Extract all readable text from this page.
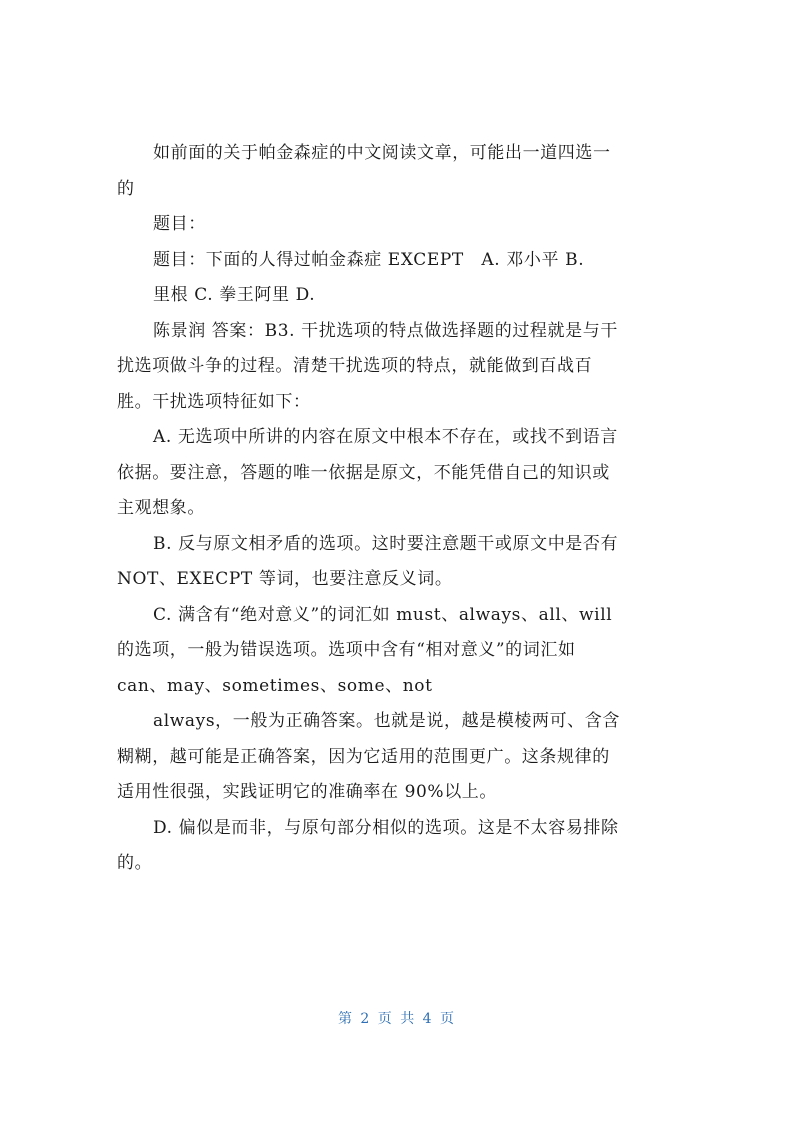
如前面的关于帕金森症的中文阅读文章，可能出一道四选一
的
题目：
题目：下面的人得过帕金森症 EXCEPT　A. 邓小平 B.
里根 C. 拳王阿里 D.
陈景润 答案：B3. 干扰选项的特点做选择题的过程就是与干
扰选项做斗争的过程。清楚干扰选项的特点，就能做到百战百
胜。干扰选项特征如下：
A. 无选项中所讲的内容在原文中根本不存在，或找不到语言
依据。要注意，答题的唯一依据是原文，不能凭借自己的知识或
主观想象。
B. 反与原文相矛盾的选项。这时要注意题干或原文中是否有
NOT、EXECPT 等词，也要注意反义词。
C. 满含有“绝对意义”的词汇如 must、always、all、will
的选项，一般为错误选项。选项中含有“相对意义”的词汇如
can、may、sometimes、some、not
always，一般为正确答案。也就是说，越是模棱两可、含含
糊糊，越可能是正确答案，因为它适用的范围更广。这条规律的
适用性很强，实践证明它的准确率在 90%以上。
D. 偏似是而非，与原句部分相似的选项。这是不太容易排除
的。
第 2 页 共 4 页
